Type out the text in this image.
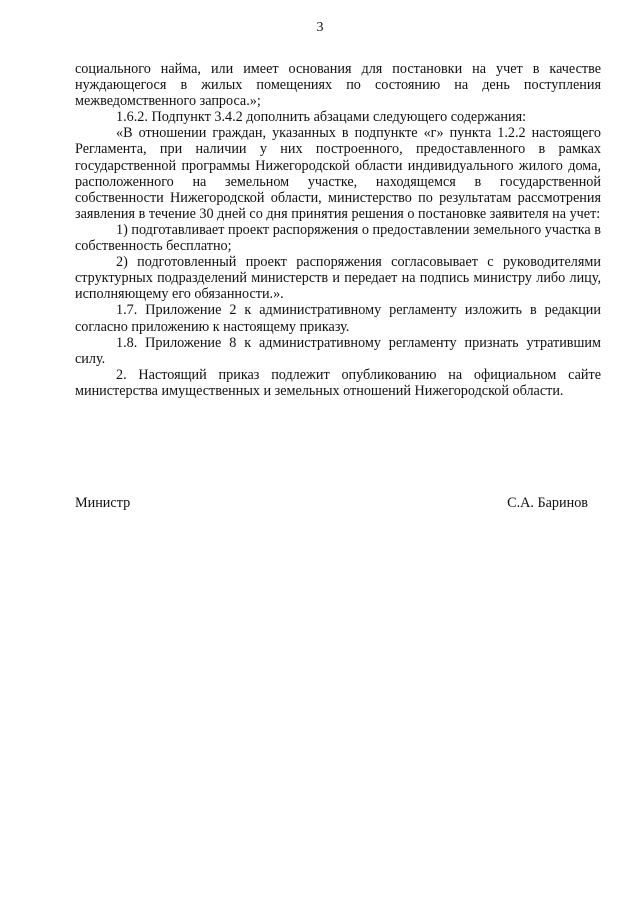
3

социального найма, или имеет основания для постановки на учет в качестве нуждающегося в жилых помещениях по состоянию на день поступления межведомственного запроса.»;

1.6.2. Подпункт 3.4.2 дополнить абзацами следующего содержания:

«В отношении граждан, указанных в подпункте «г» пункта 1.2.2 настоящего Регламента, при наличии у них построенного, предоставленного в рамках государственной программы Нижегородской области индивидуального жилого дома, расположенного на земельном участке, находящемся в государственной собственности Нижегородской области, министерство по результатам рассмотрения заявления в течение 30 дней со дня принятия решения о постановке заявителя на учет:

1) подготавливает проект распоряжения о предоставлении земельного участка в собственность бесплатно;

2) подготовленный проект распоряжения согласовывает с руководителями структурных подразделений министерств и передает на подпись министру либо лицу, исполняющему его обязанности.».

1.7. Приложение 2 к административному регламенту изложить в редакции согласно приложению к настоящему приказу.

1.8. Приложение 8 к административному регламенту признать утратившим силу.

2. Настоящий приказ подлежит опубликованию на официальном сайте министерства имущественных и земельных отношений Нижегородской области.

Министр	С.А. Баринов
